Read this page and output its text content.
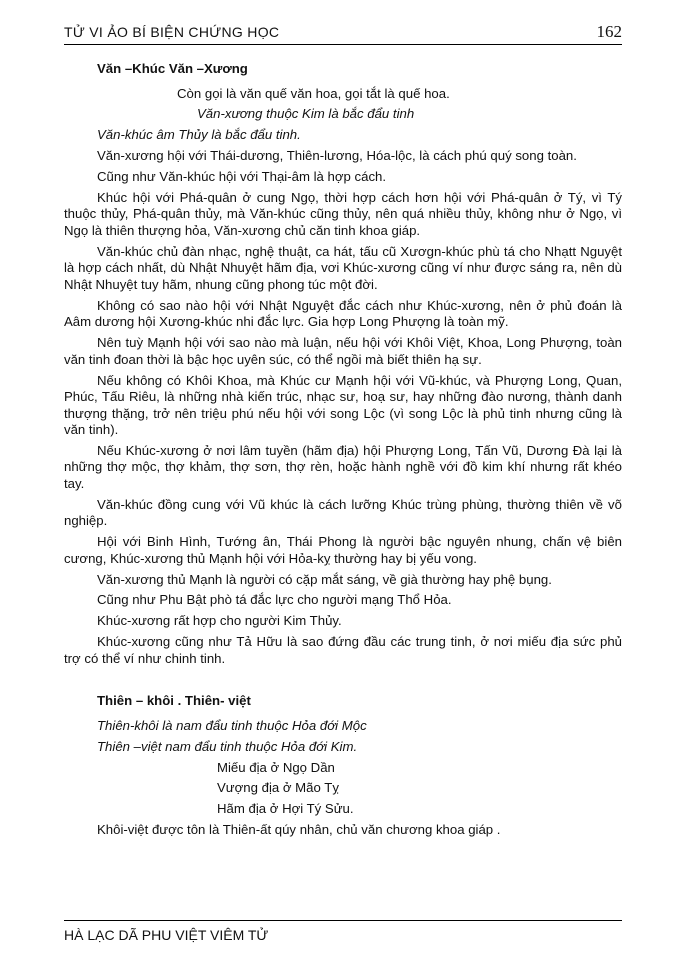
TỬ VI ẢO BÍ BIỆN CHỨNG HỌC	162

Văn –Khúc Văn –Xương

Còn gọi là văn quế văn hoa, gọi tắt là quế hoa.

Văn-xương thuộc Kim là bắc đẩu tinh

Văn-khúc âm Thủy là bắc đẩu tinh.

Văn-xương hội với Thái-dương, Thiên-lương, Hóa-lộc, là cách phú quý song toàn.

Cũng như Văn-khúc hội với Thại-âm là hợp cách.

Khúc hội với Phá-quân ở cung Ngọ, thời hợp cách hơn hội với Phá-quân ở Tý, vì Tý thuộc thủy, Phá-quân thủy, mà Văn-khúc cũng thủy, nên quá nhiều thủy, không như ở Ngọ, vì Ngọ là thiên thượng hỏa, Văn-xương chủ căn tinh khoa giáp.

Văn-khúc chủ đàn nhạc, nghệ thuật, ca hát, tấu cũ Xươgn-khúc phù tá cho Nhạtt Nguyệt là hợp cách nhất, dù Nhật Nhuyệt hãm địa, vơi Khúc-xương cũng ví như được sáng ra, nên dù Nhật Nhuyệt tuy hãm, nhung cũng phong túc một đời.

Không có sao nào hội với Nhật Nguyệt đắc cách như Khúc-xương, nên ở phủ đoán là Aâm dương hội Xương-khúc nhi đắc lực. Gia hợp Long Phượng là toàn mỹ.

Nên tuỳ Mạnh hội với sao nào mà luận, nếu hội với Khôi Việt, Khoa, Long Phượng, toàn văn tinh đoan thời là bậc học uyên súc, có thể ngồi mà biết thiên hạ sự.

Nếu không có Khôi Khoa, mà Khúc cư Mạnh hội với Vũ-khúc, và Phượng Long, Quan, Phúc, Tấu Riêu, là những nhà kiến trúc, nhạc sư, hoạ sư, hay những đào nương, thành danh thượng thặng, trở nên triệu phú nếu hội với song Lộc (vì song Lộc là phủ tinh nhưng cũng là văn tinh).

Nếu Khúc-xương ở nơi lâm tuyền (hãm địa) hội Phượng Long, Tấn Vũ, Dương Đà lại là những thợ mộc, thợ khảm, thợ sơn, thợ rèn, hoặc hành nghề với đồ kim khí nhưng rất khéo tay.

Văn-khúc đồng cung với Vũ khúc là cách lưỡng Khúc trùng phùng, thường thiên về võ nghiệp.

Hội với Binh Hình, Tướng ân, Thái Phong là người bậc nguyên nhung, chấn vệ biên cương, Khúc-xương thủ Mạnh hội với Hỏa-kỵ thường hay bị yếu vong.

Văn-xương thủ Mạnh là người có cặp mắt sáng, về già thường hay phệ bụng.

Cũng như Phu Bật phò tá đắc lực cho người mạng Thổ Hỏa.

Khúc-xương rất hợp cho người Kim Thủy.

Khúc-xương cũng như Tả Hữu là sao đứng đầu các trung tinh, ở nơi miếu địa sức phủ trợ có thể ví như chinh tinh.

Thiên – khôi . Thiên- việt

Thiên-khôi là nam đẩu tinh thuộc Hỏa đới Mộc

Thiên –việt nam đẩu tinh thuộc Hỏa đới Kim.

Miếu địa ở Ngọ Dần

Vượng địa ở Mão Tỵ

Hãm địa ở Hợi Tý Sửu.

Khôi-việt được tôn là Thiên-ất qúy nhân, chủ văn chương khoa giáp .

HÀ LẠC DÃ PHU VIỆT VIÊM TỬ
